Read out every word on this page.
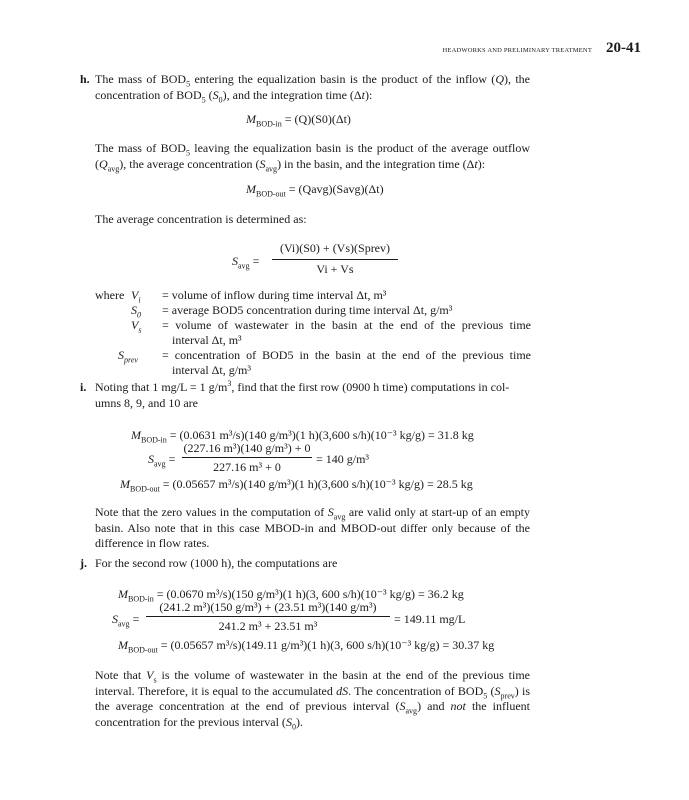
HEADWORKS AND PRELIMINARY TREATMENT 20-41
h. The mass of $BOD_5$ entering the equalization basin is the product of the inflow (Q), the concentration of $BOD_5$ $(S_0)$, and the integration time (Δt):
$M_{BOD-in} = (Q)(S0)(\Delta t)$
The mass of $BOD_5$ leaving the equalization basin is the product of the average outflow $(Q_{avg})$, the average concentration $(S_{avg})$ in the basin, and the integration time (Δt):
$M_{BOD-out}$ = (Qavg)(Savg)(Δt)
The average concentration is determined as:
$S_{avg}$ =
(Vi)(S0) + (Vs)(Sprev)
Vi + Vs
where $V_i$ = volume of inflow during time interval Δt, m³
$S_0$ = average BOD5 concentration during time interval Δt, g/m³
$V_s$ = volume of wastewater in the basin at the end of the previous time
interval Δt, m³
$S_{prev}$ = concentration of BOD5 in the basin at the end of the previous time
interval Δt, g/m³
i. Noting that 1 mg/L = 1 $g/m^3$, find that the first row (0900 h time) computations in col-
umns 8, 9, and 10 are
$M_{BOD-in} = (0.0631$ m³/s)(140 g/m³)(1 h)(3,600 s/h)(10⁻³ kg/g) = 31.8 kg
$S_{avg}$ =
(227.16 m³)(140 g/m³) + 0
227.16 m³ + 0
= 140 g/m³
$M_{BOD-out} = (0.05657$ m³/s)(140 g/m³)(1 h)(3,600 s/h)(10⁻³ kg/g) = 28.5 kg
Note that the zero values in the computation of $S_{avg}$ are valid only at start-up of an empty basin. Also note that in this case MBOD-in and MBOD-out differ only because of the difference in flow rates.
j. For the second row (1000 h), the computations are
$M_{BOD-in} = (0.0670$ m³/s)(150 g/m³)(1 h)(3, 600 s/h)(10⁻³ kg/g) = 36.2 kg
$S_{avg}$ =
(241.2 m³)(150 g/m³) + (23.51 m³)(140 g/m³)
241.2 m³ + 23.51 m³	= 149.11 mg/L
$M_{BOD-out} = (0.05657$ m³/s)(149.11 g/m³)(1 h)(3, 600 s/h)(10⁻³ kg/g) = 30.37 kg
Note that $V_s$ is the volume of wastewater in the basin at the end of the previous time interval. Therefore, it is equal to the accumulated dS. The concentration of $BOD_5$ $(S_{prev})$ is the average concentration at the end of previous interval $(S_{avg})$ and not the influent concentration for the previous interval $(S_0)$.
